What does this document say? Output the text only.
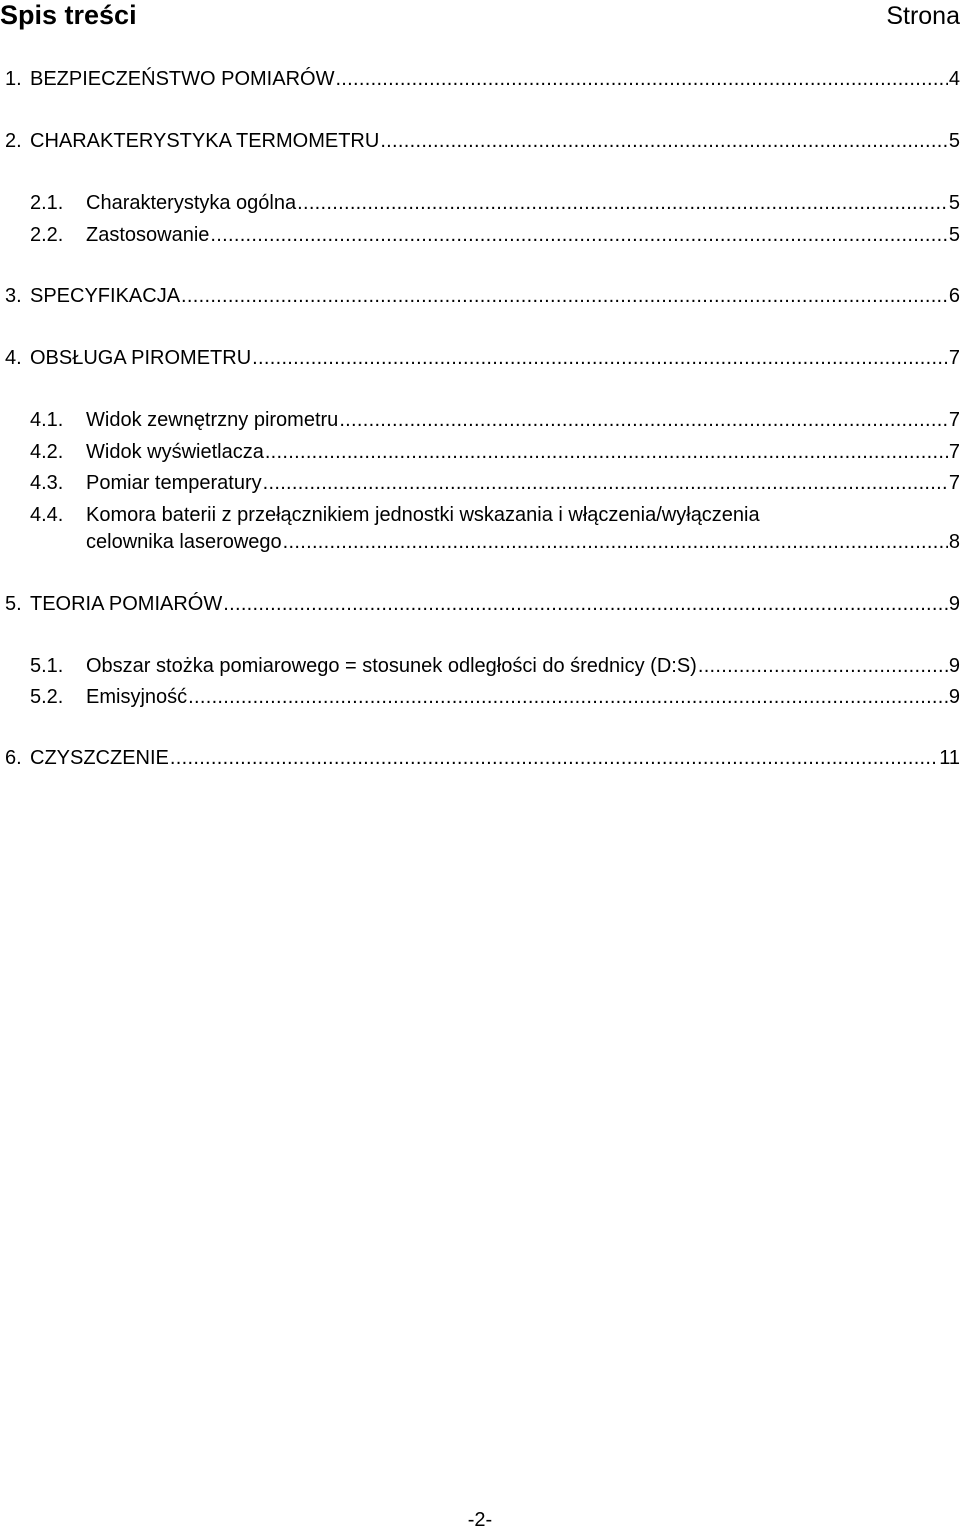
Spis treści	Strona
1. BEZPIECZEŃSTWO POMIARÓW .....	4
2. CHARAKTERYSTYKA TERMOMETRU .....	5
2.1. Charakterystyka ogólna .....	5
2.2. Zastosowanie .....	5
3. SPECYFIKACJA .....	6
4. OBSŁUGA PIROMETRU .....	7
4.1. Widok zewnętrzny pirometru .....	7
4.2. Widok wyświetlacza .....	7
4.3. Pomiar temperatury .....	7
4.4. Komora baterii z przełącznikiem jednostki wskazania i włączenia/wyłączenia
celownika laserowego .....	8
5. TEORIA POMIARÓW .....	9
5.1. Obszar stożka pomiarowego = stosunek odległości do średnicy (D:S) .....	9
5.2. Emisyjność .....	9
6. CZYSZCZENIE .....	11
-2-
